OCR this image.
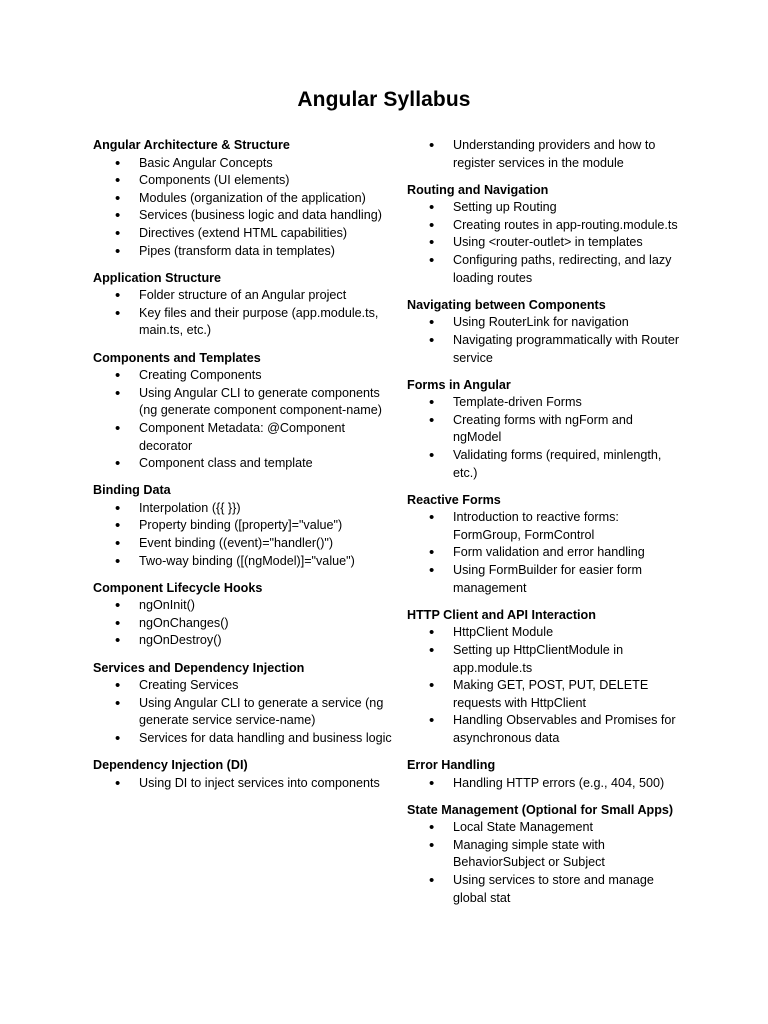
Angular Syllabus
Angular Architecture & Structure
• Basic Angular Concepts
• Components (UI elements)
• Modules (organization of the application)
• Services (business logic and data handling)
• Directives (extend HTML capabilities)
• Pipes (transform data in templates)
Application Structure
• Folder structure of an Angular project
• Key files and their purpose (app.module.ts, main.ts, etc.)
Components and Templates
• Creating Components
• Using Angular CLI to generate components (ng generate component component-name)
• Component Metadata: @Component decorator
• Component class and template
Binding Data
• Interpolation ({{ }})
• Property binding ([property]="value")
• Event binding ((event)="handler()")
• Two-way binding ([(ngModel)]="value")
Component Lifecycle Hooks
• ngOnInit()
• ngOnChanges()
• ngOnDestroy()
Services and Dependency Injection
• Creating Services
• Using Angular CLI to generate a service (ng generate service service-name)
• Services for data handling and business logic
Dependency Injection (DI)
• Using DI to inject services into components
• Understanding providers and how to register services in the module
Routing and Navigation
• Setting up Routing
• Creating routes in app-routing.module.ts
• Using <router-outlet> in templates
• Configuring paths, redirecting, and lazy loading routes
Navigating between Components
• Using RouterLink for navigation
• Navigating programmatically with Router service
Forms in Angular
• Template-driven Forms
• Creating forms with ngForm and ngModel
• Validating forms (required, minlength, etc.)
Reactive Forms
• Introduction to reactive forms: FormGroup, FormControl
• Form validation and error handling
• Using FormBuilder for easier form management
HTTP Client and API Interaction
• HttpClient Module
• Setting up HttpClientModule in app.module.ts
• Making GET, POST, PUT, DELETE requests with HttpClient
• Handling Observables and Promises for asynchronous data
Error Handling
• Handling HTTP errors (e.g., 404, 500)
State Management (Optional for Small Apps)
• Local State Management
• Managing simple state with BehaviorSubject or Subject
• Using services to store and manage global stat
